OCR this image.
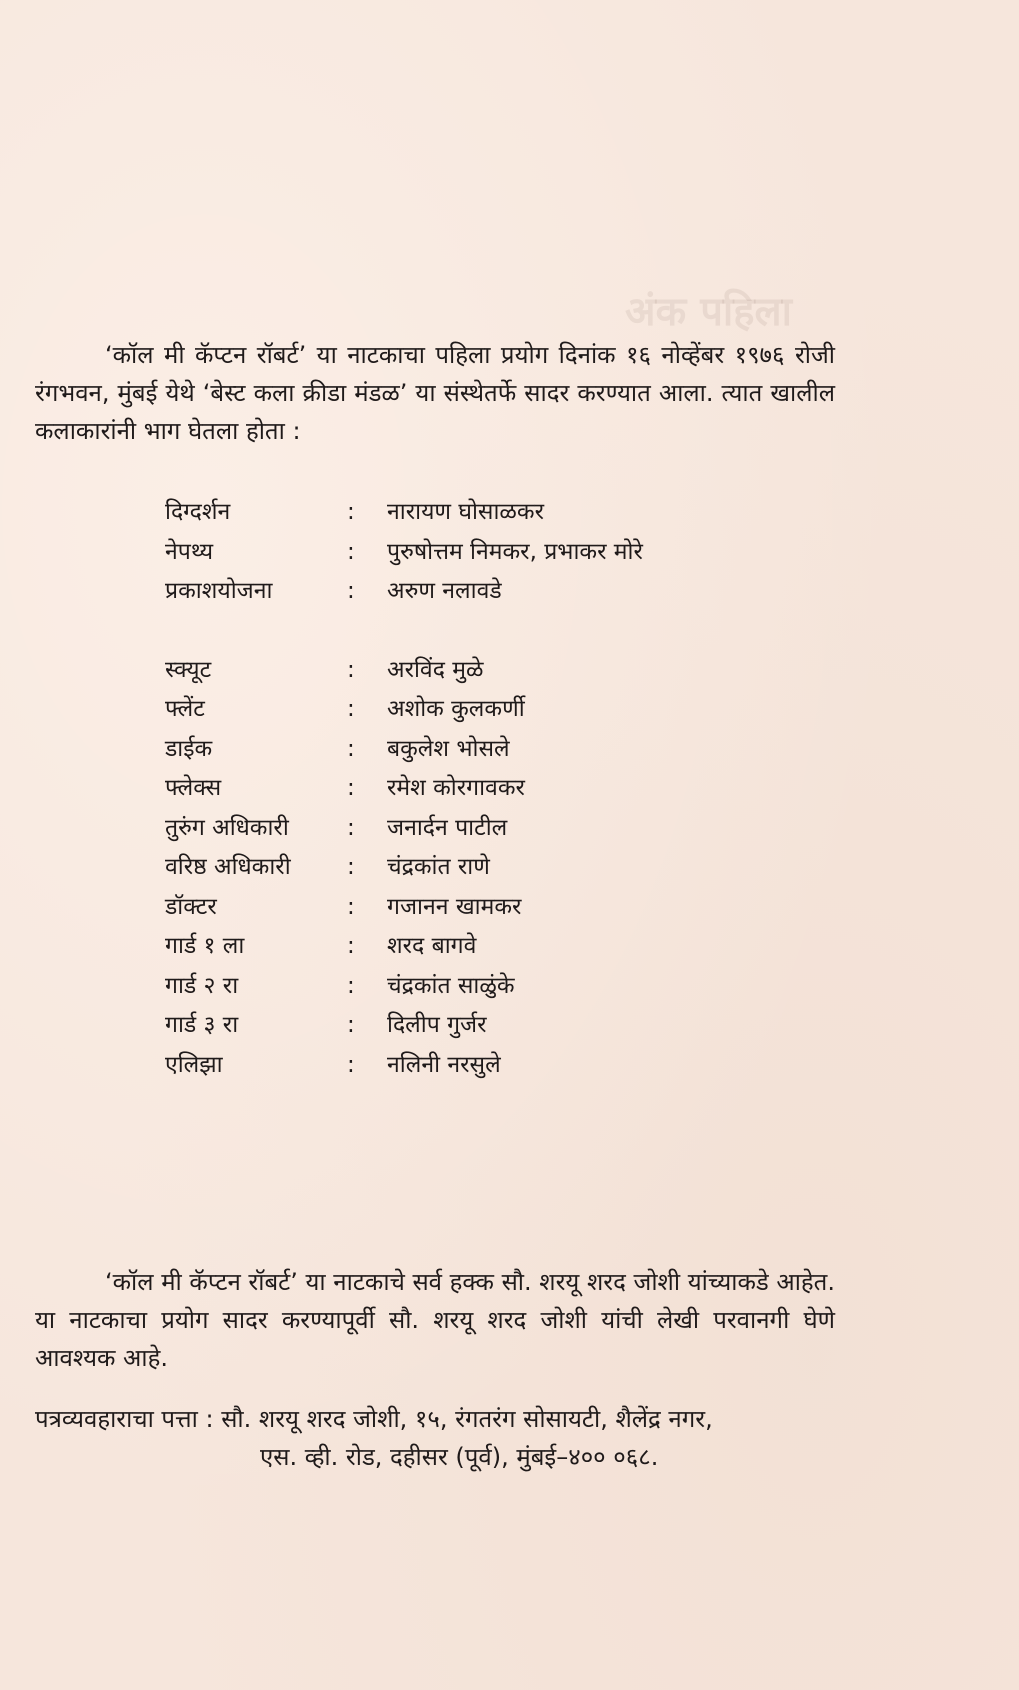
अंक पहिला

‘कॉल मी कॅप्टन रॉबर्ट’ या नाटकाचा पहिला प्रयोग दिनांक १६ नोव्हेंबर १९७६ रोजी रंगभवन, मुंबई येथे ‘बेस्ट कला क्रीडा मंडळ’ या संस्थेतर्फे सादर करण्यात आला. त्यात खालील कलाकारांनी भाग घेतला होता :

दिग्दर्शन	:	नारायण घोसाळकर
नेपथ्य	:	पुरुषोत्तम निमकर, प्रभाकर मोरे
प्रकाशयोजना	:	अरुण नलावडे
स्क्यूट	:	अरविंद मुळे
फ्लेंट	:	अशोक कुलकर्णी
डाईक	:	बकुलेश भोसले
फ्लेक्स	:	रमेश कोरगावकर
तुरुंग अधिकारी	:	जनार्दन पाटील
वरिष्ठ अधिकारी	:	चंद्रकांत राणे
डॉक्टर	:	गजानन खामकर
गार्ड १ ला	:	शरद बागवे
गार्ड २ रा	:	चंद्रकांत साळुंके
गार्ड ३ रा	:	दिलीप गुर्जर
एलिझा	:	नलिनी नरसुले

‘कॉल मी कॅप्टन रॉबर्ट’ या नाटकाचे सर्व हक्क सौ. शरयू शरद जोशी यांच्याकडे आहेत. या नाटकाचा प्रयोग सादर करण्यापूर्वी सौ. शरयू शरद जोशी यांची लेखी परवानगी घेणे आवश्यक आहे.

पत्रव्यवहाराचा पत्ता : सौ. शरयू शरद जोशी, १५, रंगतरंग सोसायटी, शैलेंद्र नगर,
एस. व्ही. रोड, दहीसर (पूर्व), मुंबई–४०० ०६८.
